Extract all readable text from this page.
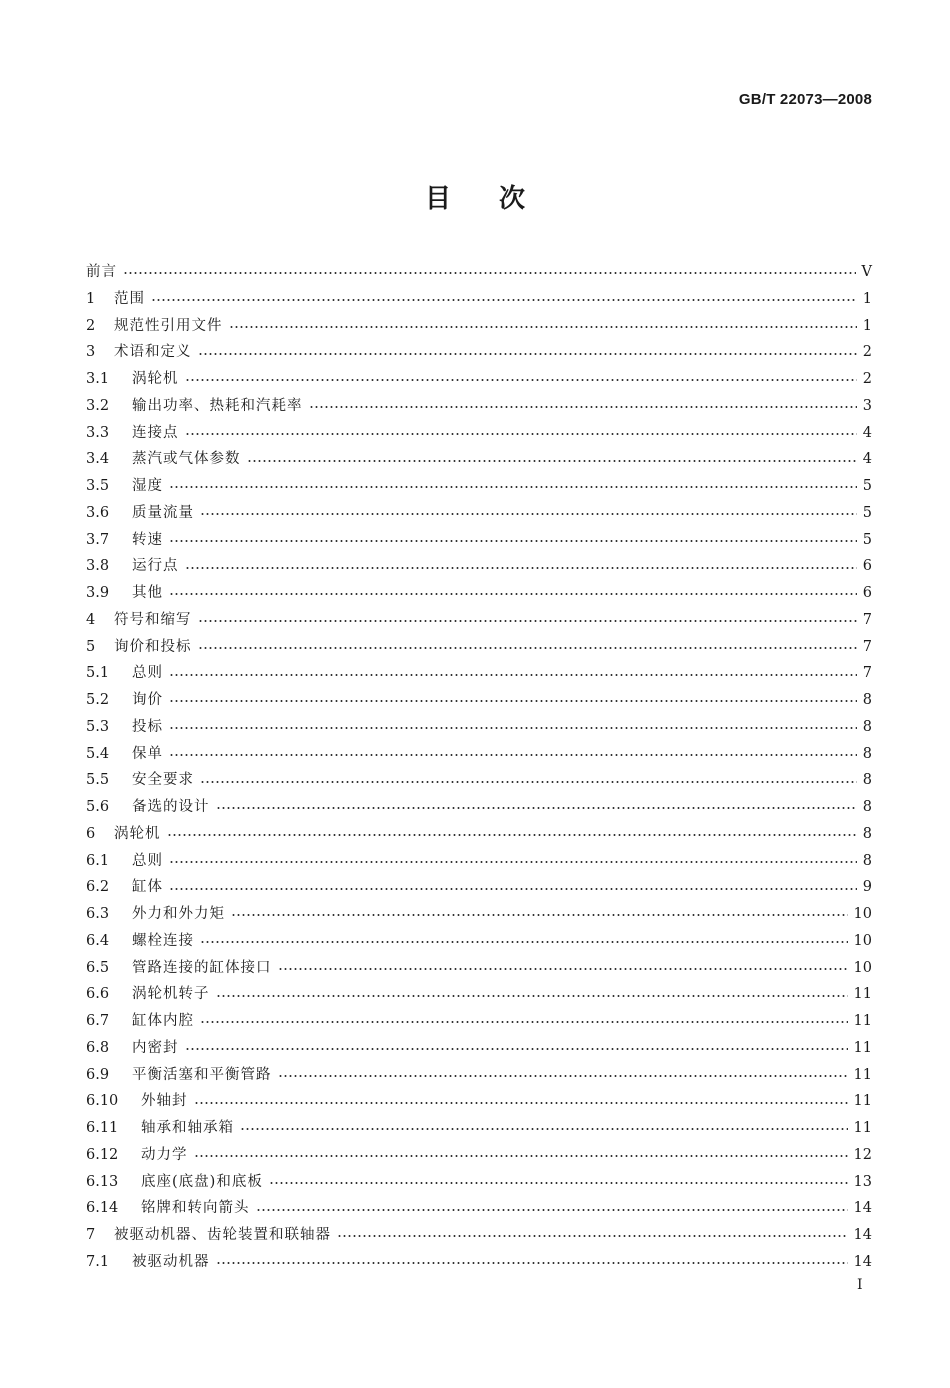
GB/T 22073—2008
目次
前言	V
1	范围	1
2	规范性引用文件	1
3	术语和定义	2
3.1	涡轮机	2
3.2	输出功率、热耗和汽耗率	3
3.3	连接点	4
3.4	蒸汽或气体参数	4
3.5	湿度	5
3.6	质量流量	5
3.7	转速	5
3.8	运行点	6
3.9	其他	6
4	符号和缩写	7
5	询价和投标	7
5.1	总则	7
5.2	询价	8
5.3	投标	8
5.4	保单	8
5.5	安全要求	8
5.6	备选的设计	8
6	涡轮机	8
6.1	总则	8
6.2	缸体	9
6.3	外力和外力矩	10
6.4	螺栓连接	10
6.5	管路连接的缸体接口	10
6.6	涡轮机转子	11
6.7	缸体内腔	11
6.8	内密封	11
6.9	平衡活塞和平衡管路	11
6.10	外轴封	11
6.11	轴承和轴承箱	11
6.12	动力学	12
6.13	底座(底盘)和底板	13
6.14	铭牌和转向箭头	14
7	被驱动机器、齿轮装置和联轴器	14
7.1	被驱动机器	14
I
